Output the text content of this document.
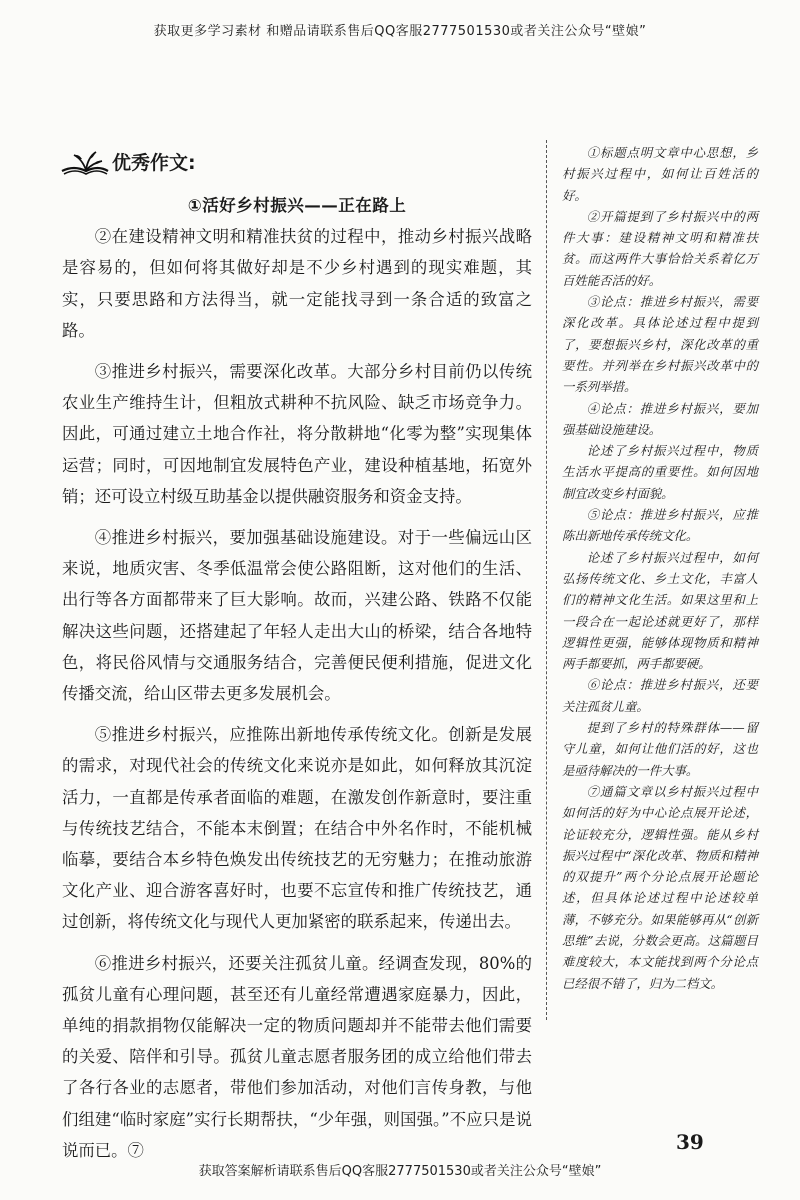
获取更多学习素材 和赠品请联系售后QQ客服2777501530或者关注公众号“壁娘”
优秀作文:
①活好乡村振兴——正在路上

②在建设精神文明和精准扶贫的过程中，推动乡村振兴战略是容易的，但如何将其做好却是不少乡村遇到的现实难题，其实，只要思路和方法得当，就一定能找寻到一条合适的致富之路。

③推进乡村振兴，需要深化改革。大部分乡村目前仍以传统农业生产维持生计，但粗放式耕种不抗风险、缺乏市场竞争力。因此，可通过建立土地合作社，将分散耕地“化零为整”实现集体运营；同时，可因地制宜发展特色产业，建设种植基地，拓宽外销；还可设立村级互助基金以提供融资服务和资金支持。

④推进乡村振兴，要加强基础设施建设。对于一些偏远山区来说，地质灾害、冬季低温常会使公路阻断，这对他们的生活、出行等各方面都带来了巨大影响。故而，兴建公路、铁路不仅能解决这些问题，还搭建起了年轻人走出大山的桥梁，结合各地特色，将民俗风情与交通服务结合，完善便民便利措施，促进文化传播交流，给山区带去更多发展机会。

⑤推进乡村振兴，应推陈出新地传承传统文化。创新是发展的需求，对现代社会的传统文化来说亦是如此，如何释放其沉淀活力，一直都是传承者面临的难题，在激发创作新意时，要注重与传统技艺结合，不能本末倒置；在结合中外名作时，不能机械临摹，要结合本乡特色焕发出传统技艺的无穷魅力；在推动旅游文化产业、迎合游客喜好时，也要不忘宣传和推广传统技艺，通过创新，将传统文化与现代人更加紧密的联系起来，传递出去。

⑥推进乡村振兴，还要关注孤贫儿童。经调查发现，80%的孤贫儿童有心理问题，甚至还有儿童经常遭遇家庭暴力，因此，单纯的捐款捐物仅能解决一定的物质问题却并不能带去他们需要的关爱、陪伴和引导。孤贫儿童志愿者服务团的成立给他们带去了各行各业的志愿者，带他们参加活动，对他们言传身教，与他们组建“临时家庭”实行长期帮扶，“少年强，则国强。”不应只是说说而已。⑦

①标题点明文章中心思想，乡村振兴过程中，如何让百姓活的好。

②开篇提到了乡村振兴中的两件大事：建设精神文明和精准扶贫。而这两件大事恰恰关系着亿万百姓能否活的好。

③论点：推进乡村振兴，需要深化改革。具体论述过程中提到了，要想振兴乡村，深化改革的重要性。并列举在乡村振兴改革中的一系列举措。

④论点：推进乡村振兴，要加强基础设施建设。

论述了乡村振兴过程中，物质生活水平提高的重要性。如何因地制宜改变乡村面貌。

⑤论点：推进乡村振兴，应推陈出新地传承传统文化。

论述了乡村振兴过程中，如何弘扬传统文化、乡土文化，丰富人们的精神文化生活。如果这里和上一段合在一起论述就更好了，那样逻辑性更强，能够体现物质和精神两手都要抓，两手都要硬。

⑥论点：推进乡村振兴，还要关注孤贫儿童。

提到了乡村的特殊群体——留守儿童，如何让他们活的好，这也是亟待解决的一件大事。

⑦通篇文章以乡村振兴过程中如何活的好为中心论点展开论述，论证较充分，逻辑性强。能从乡村振兴过程中“深化改革、物质和精神的双提升”两个分论点展开论题论述，但具体论述过程中论述较单薄，不够充分。如果能够再从“创新思维”去说，分数会更高。这篇题目难度较大，本文能找到两个分论点已经很不错了，归为二档文。

39
获取答案解析请联系售后QQ客服2777501530或者关注公众号“壁娘”
